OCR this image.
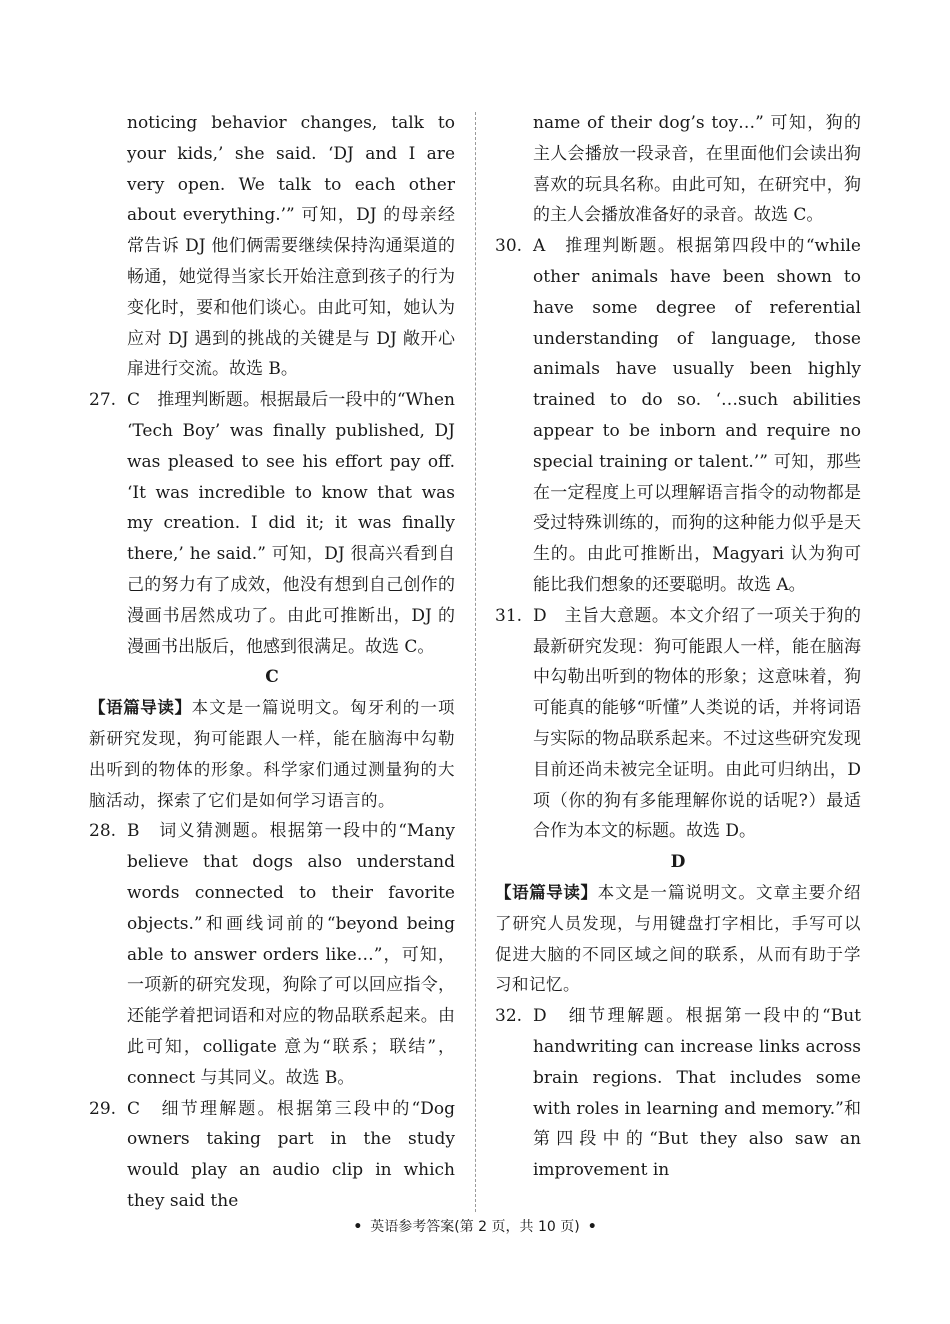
noticing behavior changes, talk to your kids,’ she said. ‘DJ and I are very open. We talk to each other about everything.’” 可知，DJ 的母亲经常告诉 DJ 他们俩需要继续保持沟通渠道的畅通，她觉得当家长开始注意到孩子的行为变化时，要和他们谈心。由此可知，她认为应对 DJ 遇到的挑战的关键是与 DJ 敞开心扉进行交流。故选 B。

27. C　推理判断题。根据最后一段中的“When ‘Tech Boy’ was finally published, DJ was pleased to see his effort pay off. ‘It was incredible to know that was my creation. I did it; it was finally there,’ he said.” 可知，DJ 很高兴看到自己的努力有了成效，他没有想到自己创作的漫画书居然成功了。由此可推断出，DJ 的漫画书出版后，他感到很满足。故选 C。

C

【语篇导读】本文是一篇说明文。匈牙利的一项新研究发现，狗可能跟人一样，能在脑海中勾勒出听到的物体的形象。科学家们通过测量狗的大脑活动，探索了它们是如何学习语言的。

28. B　词义猜测题。根据第一段中的“Many believe that dogs also understand words connected to their favorite objects.”和画线词前的“beyond being able to answer orders like…”，可知，一项新的研究发现，狗除了可以回应指令，还能学着把词语和对应的物品联系起来。由此可知，colligate 意为“联系；联结”，connect 与其同义。故选 B。
29. C　细节理解题。根据第三段中的“Dog owners taking part in the study would play an audio clip in which they said the

name of their dog’s toy…” 可知，狗的主人会播放一段录音，在里面他们会读出狗喜欢的玩具名称。由此可知，在研究中，狗的主人会播放准备好的录音。故选 C。

30. A　推理判断题。根据第四段中的“while other animals have been shown to have some degree of referential understanding of language, those animals have usually been highly trained to do so. ‘…such abilities appear to be inborn and require no special training or talent.’” 可知，那些在一定程度上可以理解语言指令的动物都是受过特殊训练的，而狗的这种能力似乎是天生的。由此可推断出，Magyari 认为狗可能比我们想象的还要聪明。故选 A。
31. D　主旨大意题。本文介绍了一项关于狗的最新研究发现：狗可能跟人一样，能在脑海中勾勒出听到的物体的形象；这意味着，狗可能真的能够“听懂”人类说的话，并将词语与实际的物品联系起来。不过这些研究发现目前还尚未被完全证明。由此可归纳出，D 项（你的狗有多能理解你说的话呢?）最适合作为本文的标题。故选 D。

D

【语篇导读】本文是一篇说明文。文章主要介绍了研究人员发现，与用键盘打字相比，手写可以促进大脑的不同区域之间的联系，从而有助于学习和记忆。

32. D　细节理解题。根据第一段中的“But handwriting can increase links across brain regions. That includes some with roles in learning and memory.”和第四段中的“But they also saw an improvement in
• 英语参考答案(第 2 页，共 10 页) •
